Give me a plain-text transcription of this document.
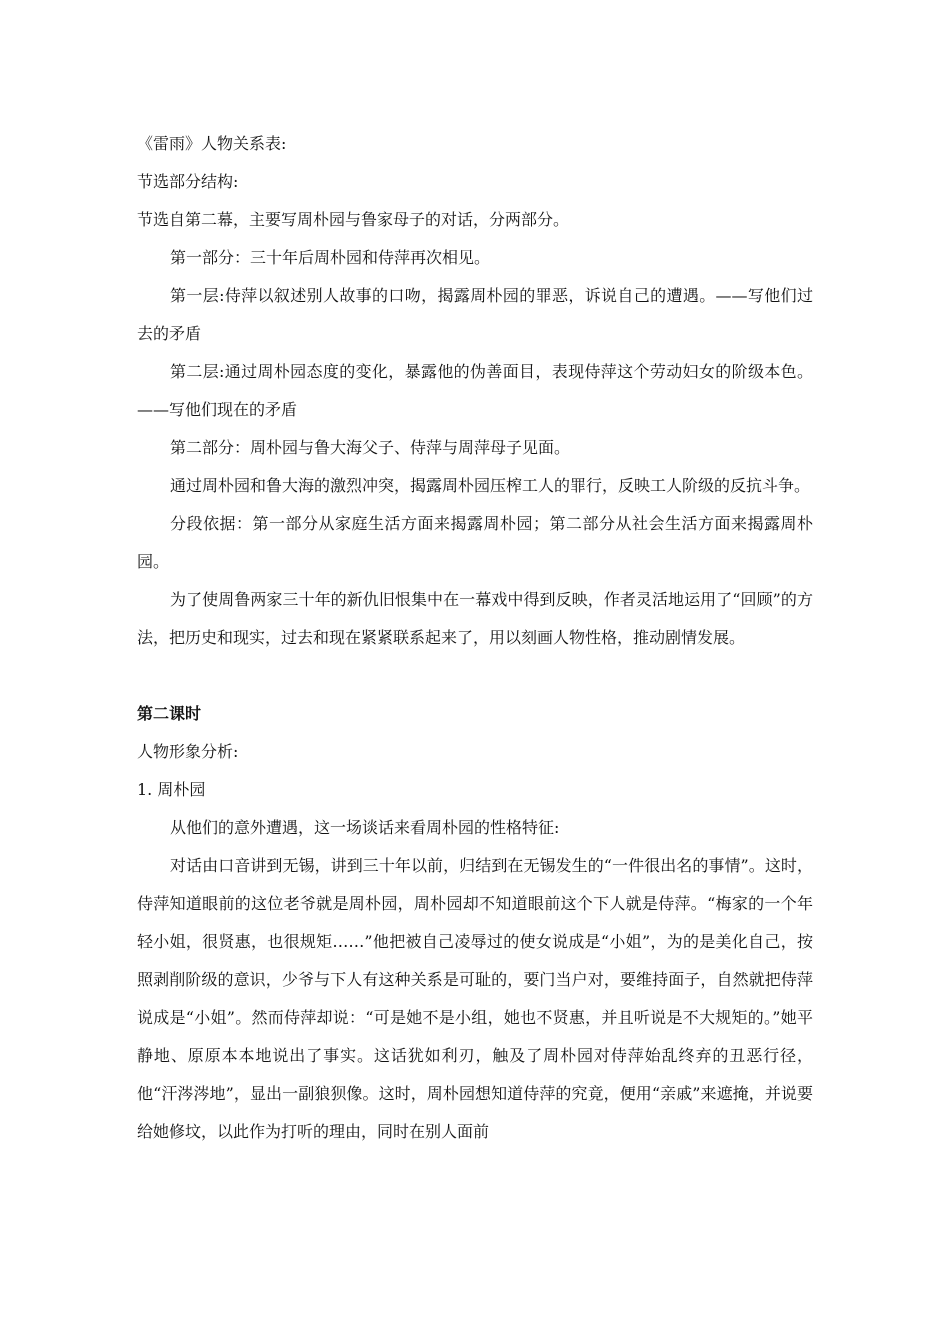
《雷雨》人物关系表:

节选部分结构:

节选自第二幕，主要写周朴园与鲁家母子的对话，分两部分。

第一部分：三十年后周朴园和侍萍再次相见。

第一层:侍萍以叙述别人故事的口吻，揭露周朴园的罪恶，诉说自己的遭遇。——写他们过去的矛盾

第二层:通过周朴园态度的变化，暴露他的伪善面目，表现侍萍这个劳动妇女的阶级本色。——写他们现在的矛盾

第二部分：周朴园与鲁大海父子、侍萍与周萍母子见面。

通过周朴园和鲁大海的激烈冲突，揭露周朴园压榨工人的罪行，反映工人阶级的反抗斗争。

分段依据：第一部分从家庭生活方面来揭露周朴园；第二部分从社会生活方面来揭露周朴园。

为了使周鲁两家三十年的新仇旧恨集中在一幕戏中得到反映，作者灵活地运用了“回顾”的方法，把历史和现实，过去和现在紧紧联系起来了，用以刻画人物性格，推动剧情发展。

第二课时

人物形象分析:

1. 周朴园

从他们的意外遭遇，这一场谈话来看周朴园的性格特征:

对话由口音讲到无锡，讲到三十年以前，归结到在无锡发生的“一件很出名的事情”。这时，侍萍知道眼前的这位老爷就是周朴园，周朴园却不知道眼前这个下人就是侍萍。“梅家的一个年轻小姐，很贤惠，也很规矩……”他把被自己凌辱过的使女说成是“小姐”，为的是美化自己，按照剥削阶级的意识，少爷与下人有这种关系是可耻的，要门当户对，要维持面子，自然就把侍萍说成是“小姐”。然而侍萍却说：“可是她不是小组，她也不贤惠，并且听说是不大规矩的。”她平静地、原原本本地说出了事实。这话犹如利刃，触及了周朴园对侍萍始乱终弃的丑恶行径，他“汗涔涔地”，显出一副狼狈像。这时，周朴园想知道侍萍的究竟，便用“亲戚”来遮掩，并说要给她修坟，以此作为打听的理由，同时在别人面前
